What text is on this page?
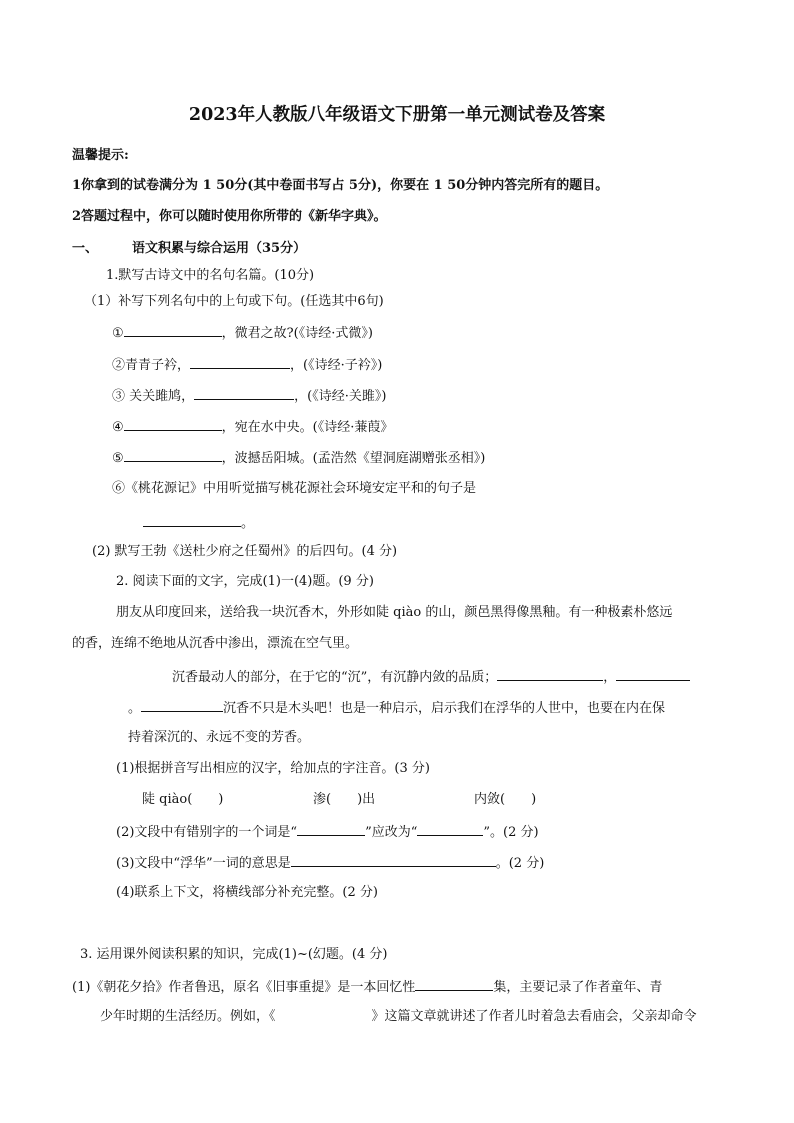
2023年人教版八年级语文下册第一单元测试卷及答案
温馨提示:
1你拿到的试卷满分为 1 50分(其中卷面书写占 5分)，你要在 1 50分钟内答完所有的题目。
2答题过程中，你可以随时使用你所带的《新华字典》。
一、	语文积累与综合运用（35分）
1.默写古诗文中的名句名篇。(10分)
（1）补写下列名句中的上句或下句。(任选其中6句)
①	，微君之故?(《诗经·式微》)
②青青子衿，	，(《诗经·子衿》)
③ 关关雎鸠，	，(《诗经·关雎》)
④	，宛在水中央。(《诗经·蒹葭》
⑤	，波撼岳阳城。(孟浩然《望洞庭湖赠张丞相》)
⑥《桃花源记》中用听觉描写桃花源社会环境安定平和的句子是
。
(2) 默写王勃《送杜少府之任蜀州》的后四句。(4 分)
2. 阅读下面的文字，完成(1)一(4)题。(9 分)
朋友从印度回来，送给我一块沉香木，外形如陡 qiào 的山，颜邑黑得像黑釉。有一种极素朴悠远
的香，连绵不绝地从沉香中渗出，漂流在空气里。
沉香最动人的部分，在于它的“沉”，有沉静内敛的品质；	，
。	沉香不只是木头吧！也是一种启示，启示我们在浮华的人世中，也要在内在保
持着深沉的、永远不变的芳香。
(1)根据拼音写出相应的汉字，给加点的字注音。(3 分)
陡 qiào(　　)	渗(　　)出	内敛(　　)
(2)文段中有错别字的一个词是“	”应改为“	”。(2 分)
(3)文段中“浮华”一词的意思是	。(2 分)
(4)联系上下文，将横线部分补充完整。(2 分)
3. 运用课外阅读积累的知识，完成(1)~(幻题。(4 分)
(1)《朝花夕拾》作者鲁迅，原名《旧事重提》是一本回忆性	集，主要记录了作者童年、青
少年时期的生活经历。例如，《	》这篇文章就讲述了作者儿时着急去看庙会，父亲却命令
